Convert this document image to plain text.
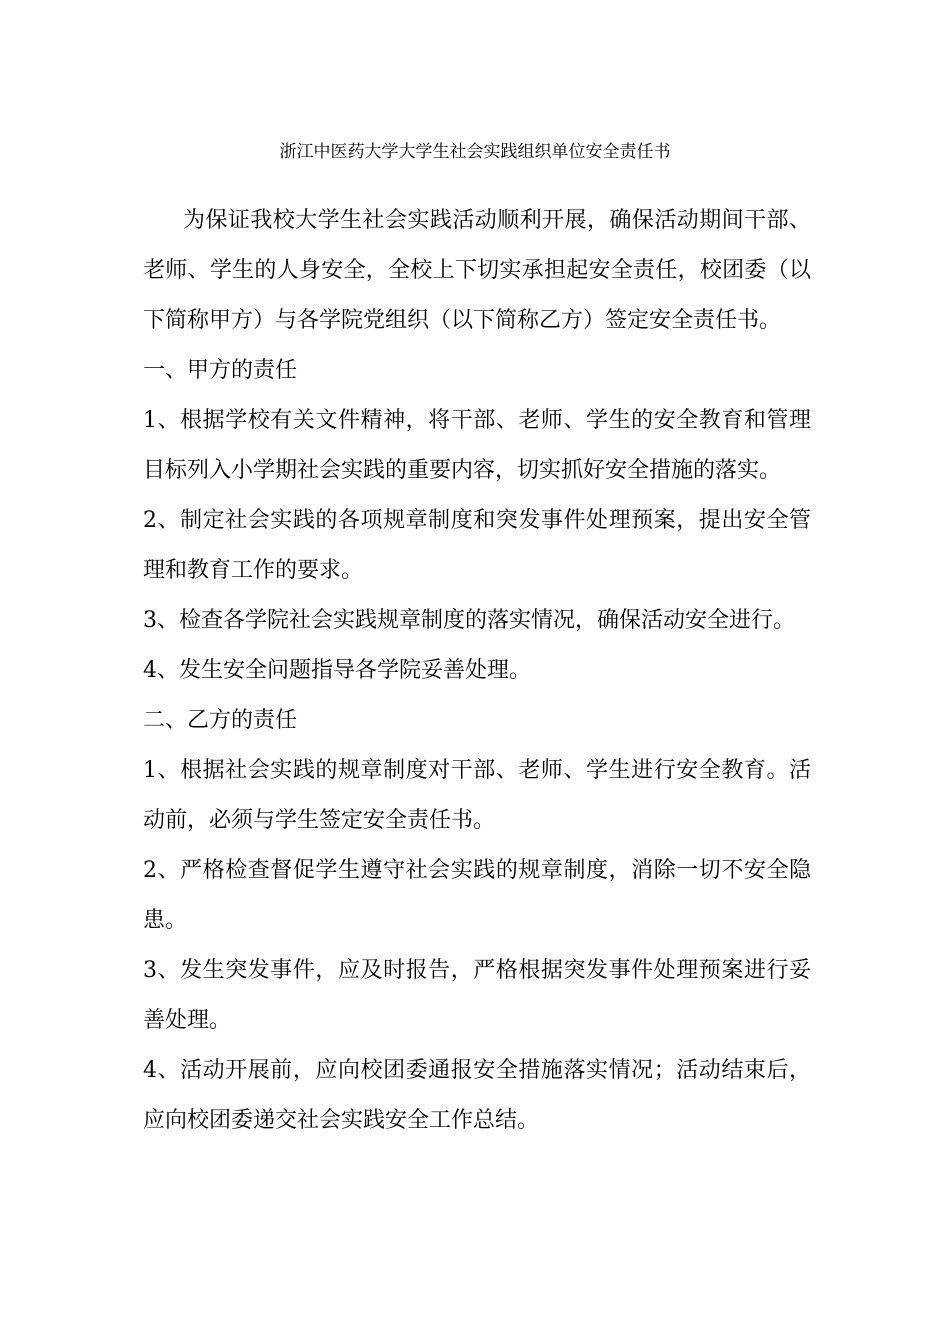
浙江中医药大学大学生社会实践组织单位安全责任书

为保证我校大学生社会实践活动顺利开展，确保活动期间干部、老师、学生的人身安全，全校上下切实承担起安全责任，校团委（以下简称甲方）与各学院党组织（以下简称乙方）签定安全责任书。

一、甲方的责任

1、根据学校有关文件精神，将干部、老师、学生的安全教育和管理目标列入小学期社会实践的重要内容，切实抓好安全措施的落实。

2、制定社会实践的各项规章制度和突发事件处理预案，提出安全管理和教育工作的要求。

3、检查各学院社会实践规章制度的落实情况，确保活动安全进行。

4、发生安全问题指导各学院妥善处理。

二、乙方的责任

1、根据社会实践的规章制度对干部、老师、学生进行安全教育。活动前，必须与学生签定安全责任书。

2、严格检查督促学生遵守社会实践的规章制度，消除一切不安全隐患。

3、发生突发事件，应及时报告，严格根据突发事件处理预案进行妥善处理。

4、活动开展前，应向校团委通报安全措施落实情况；活动结束后，应向校团委递交社会实践安全工作总结。
